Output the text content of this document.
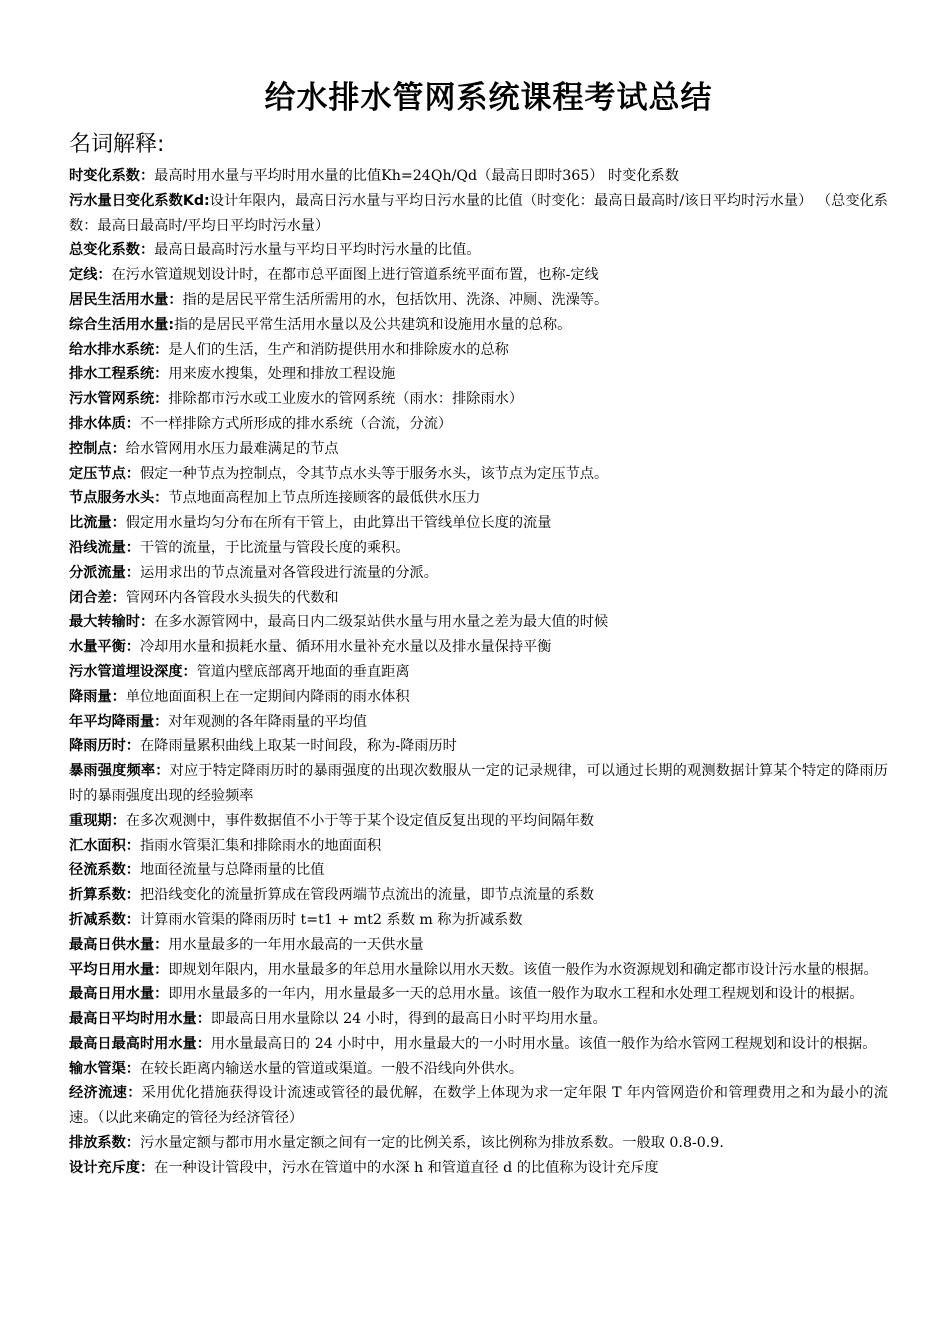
给水排水管网系统课程考试总结
名词解释:

时变化系数：最高时用水量与平均时用水量的比值Kh=24Qh/Qd（最高日即时365） 时变化系数

污水量日变化系数Kd:设计年限内，最高日污水量与平均日污水量的比值（时变化：最高日最高时/该日平均时污水量） （总变化系数：最高日最高时/平均日平均时污水量）

总变化系数：最高日最高时污水量与平均日平均时污水量的比值。

定线：在污水管道规划设计时，在都市总平面图上进行管道系统平面布置，也称-定线

居民生活用水量：指的是居民平常生活所需用的水，包括饮用、洗涤、冲厕、洗澡等。

综合生活用水量:指的是居民平常生活用水量以及公共建筑和设施用水量的总称。

给水排水系统：是人们的生活，生产和消防提供用水和排除废水的总称

排水工程系统：用来废水搜集，处理和排放工程设施

污水管网系统：排除都市污水或工业废水的管网系统（雨水：排除雨水）

排水体质：不一样排除方式所形成的排水系统（合流，分流）

控制点：给水管网用水压力最难满足的节点

定压节点：假定一种节点为控制点，令其节点水头等于服务水头，该节点为定压节点。

节点服务水头：节点地面高程加上节点所连接顾客的最低供水压力

比流量：假定用水量均匀分布在所有干管上，由此算出干管线单位长度的流量

沿线流量：干管的流量，于比流量与管段长度的乘积。

分派流量：运用求出的节点流量对各管段进行流量的分派。

闭合差：管网环内各管段水头损失的代数和

最大转输时：在多水源管网中，最高日内二级泵站供水量与用水量之差为最大值的时候

水量平衡：冷却用水量和损耗水量、循环用水量补充水量以及排水量保持平衡

污水管道埋设深度：管道内壁底部离开地面的垂直距离

降雨量：单位地面面积上在一定期间内降雨的雨水体积

年平均降雨量：对年观测的各年降雨量的平均值

降雨历时：在降雨量累积曲线上取某一时间段，称为-降雨历时

暴雨强度频率：对应于特定降雨历时的暴雨强度的出现次数服从一定的记录规律，可以通过长期的观测数据计算某个特定的降雨历时的暴雨强度出现的经验频率

重现期：在多次观测中，事件数据值不小于等于某个设定值反复出现的平均间隔年数

汇水面积：指雨水管渠汇集和排除雨水的地面面积

径流系数：地面径流量与总降雨量的比值

折算系数：把沿线变化的流量折算成在管段两端节点流出的流量，即节点流量的系数

折减系数：计算雨水管渠的降雨历时 t=t1 + mt2 系数 m 称为折减系数

最高日供水量：用水量最多的一年用水最高的一天供水量

平均日用水量：即规划年限内，用水量最多的年总用水量除以用水天数。该值一般作为水资源规划和确定都市设计污水量的根据。

最高日用水量：即用水量最多的一年内，用水量最多一天的总用水量。该值一般作为取水工程和水处理工程规划和设计的根据。

最高日平均时用水量：即最高日用水量除以 24 小时，得到的最高日小时平均用水量。

最高日最高时用水量：用水量最高日的 24 小时中，用水量最大的一小时用水量。该值一般作为给水管网工程规划和设计的根据。

输水管渠：在较长距离内输送水量的管道或渠道。一般不沿线向外供水。

经济流速：采用优化措施获得设计流速或管径的最优解，在数学上体现为求一定年限 T 年内管网造价和管理费用之和为最小的流速。（以此来确定的管径为经济管径）

排放系数：污水量定额与都市用水量定额之间有一定的比例关系，该比例称为排放系数。一般取 0.8-0.9.

设计充斥度：在一种设计管段中，污水在管道中的水深 h 和管道直径 d 的比值称为设计充斥度
